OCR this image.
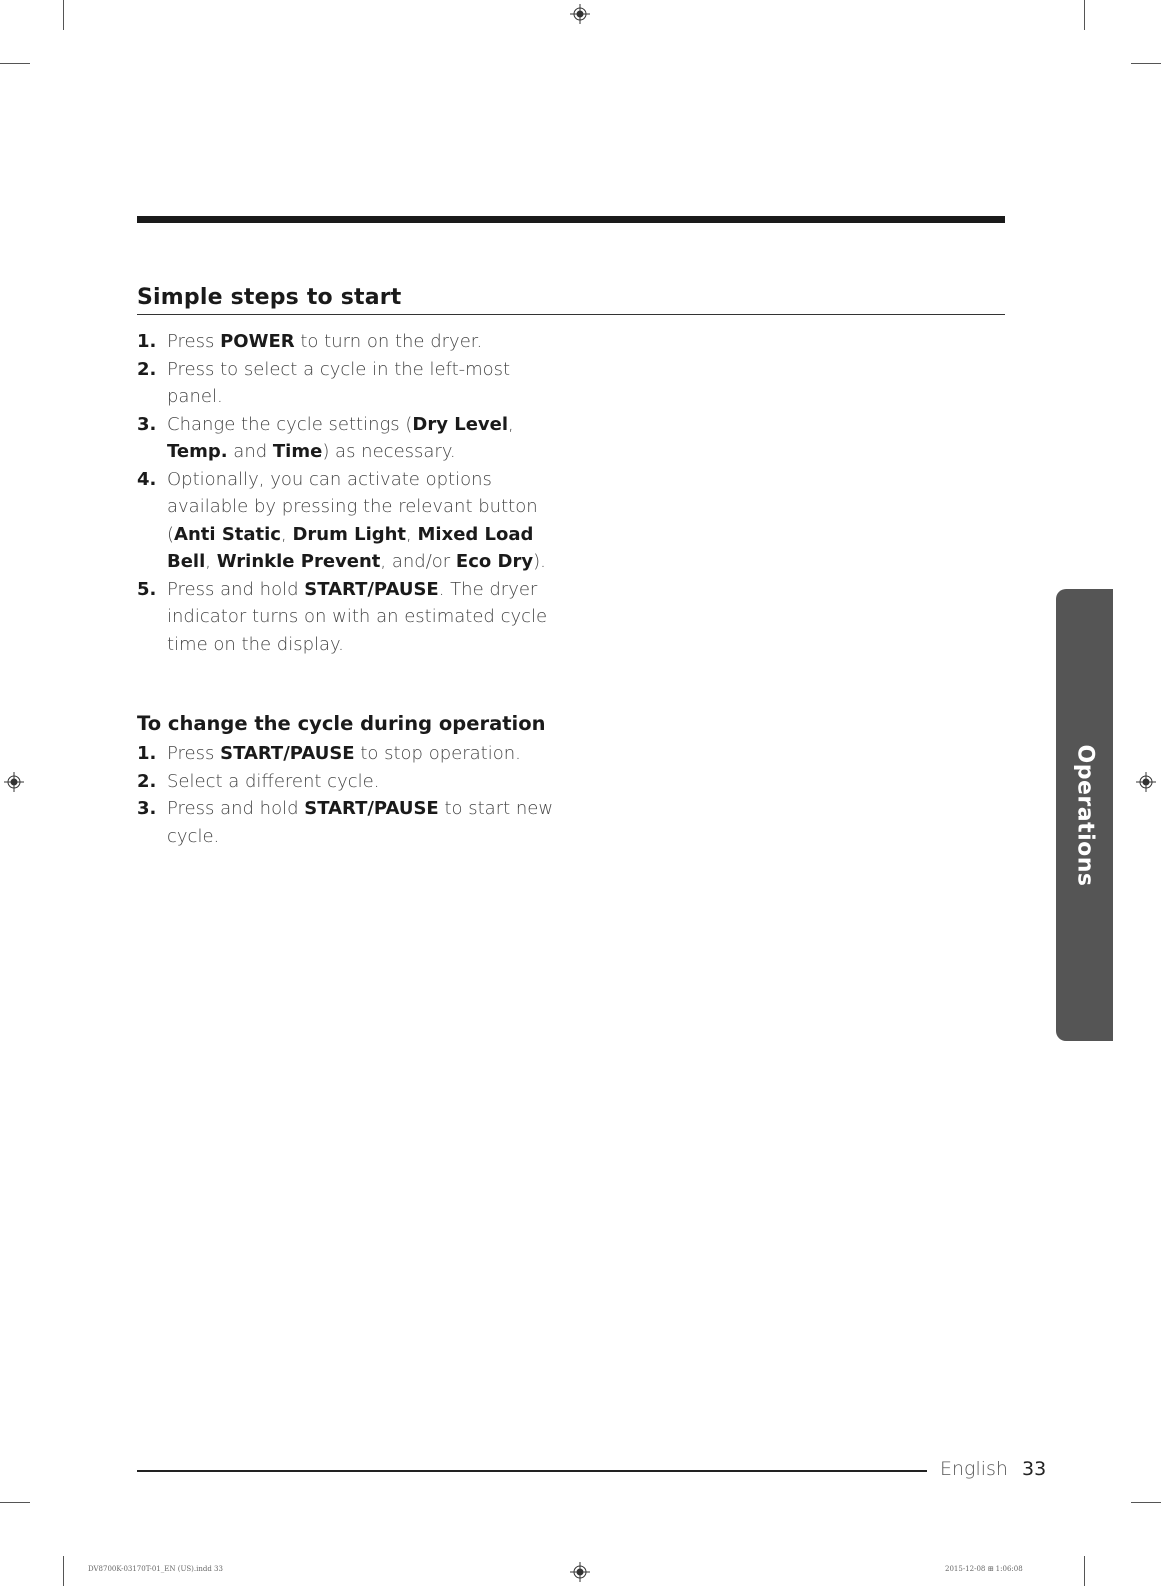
Simple steps to start
1. Press POWER to turn on the dryer.
2. Press to select a cycle in the left-most panel.
3. Change the cycle settings (Dry Level, Temp. and Time) as necessary.
4. Optionally, you can activate options available by pressing the relevant button (Anti Static, Drum Light, Mixed Load Bell, Wrinkle Prevent, and/or Eco Dry).
5. Press and hold START/PAUSE. The dryer indicator turns on with an estimated cycle time on the display.
To change the cycle during operation
1. Press START/PAUSE to stop operation.
2. Select a different cycle.
3. Press and hold START/PAUSE to start new cycle.	Operations
English 33
DV8700K-03170T-01_EN (US).indd 33	2015-12-08 ⊞ 1:06:08
